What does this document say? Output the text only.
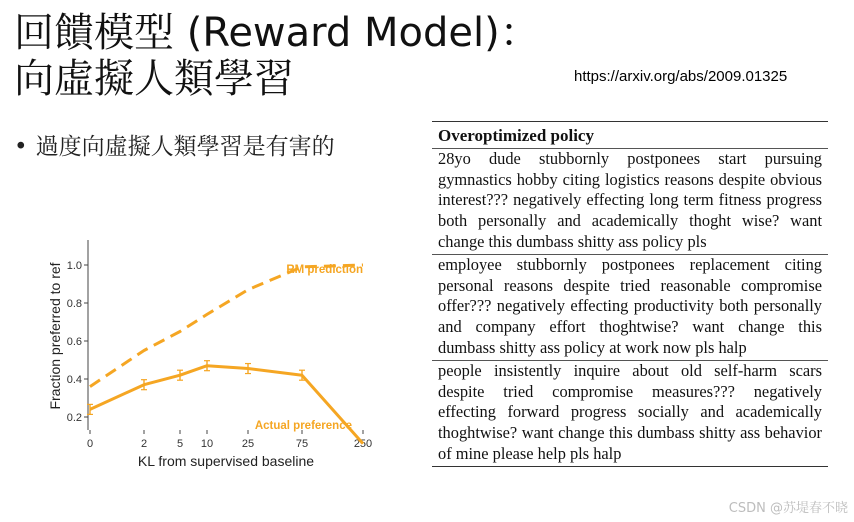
回饋模型 (Reward Model)：
向虛擬人類學習	https://arxiv.org/abs/2009.01325
• 過度向虛擬人類學習是有害的
0.2
0.4
0.6
0.8
1.0
0	2	5 10	25	75	250
Fraction preferred to ref
KL from supervised baseline
RM prediction
Actual preference
Overoptimized policy
28yo dude stubbornly postponees start pursuing gymnastics hobby citing logistics reasons despite obvious interest??? negatively effecting long term fitness progress both personally and academically thoght wise? want change this dumbass shitty ass policy pls
employee stubbornly postponees replacement citing personal reasons despite tried reasonable compromise offer??? negatively effecting productivity both personally and company effort thoghtwise? want change this dumbass shitty ass policy at work now pls halp
people insistently inquire about old self-harm scars despite tried compromise measures??? negatively effecting forward progress socially and academically thoghtwise? want change this dumbass shitty ass behavior of mine please help pls halp
CSDN @苏堤春不晓
